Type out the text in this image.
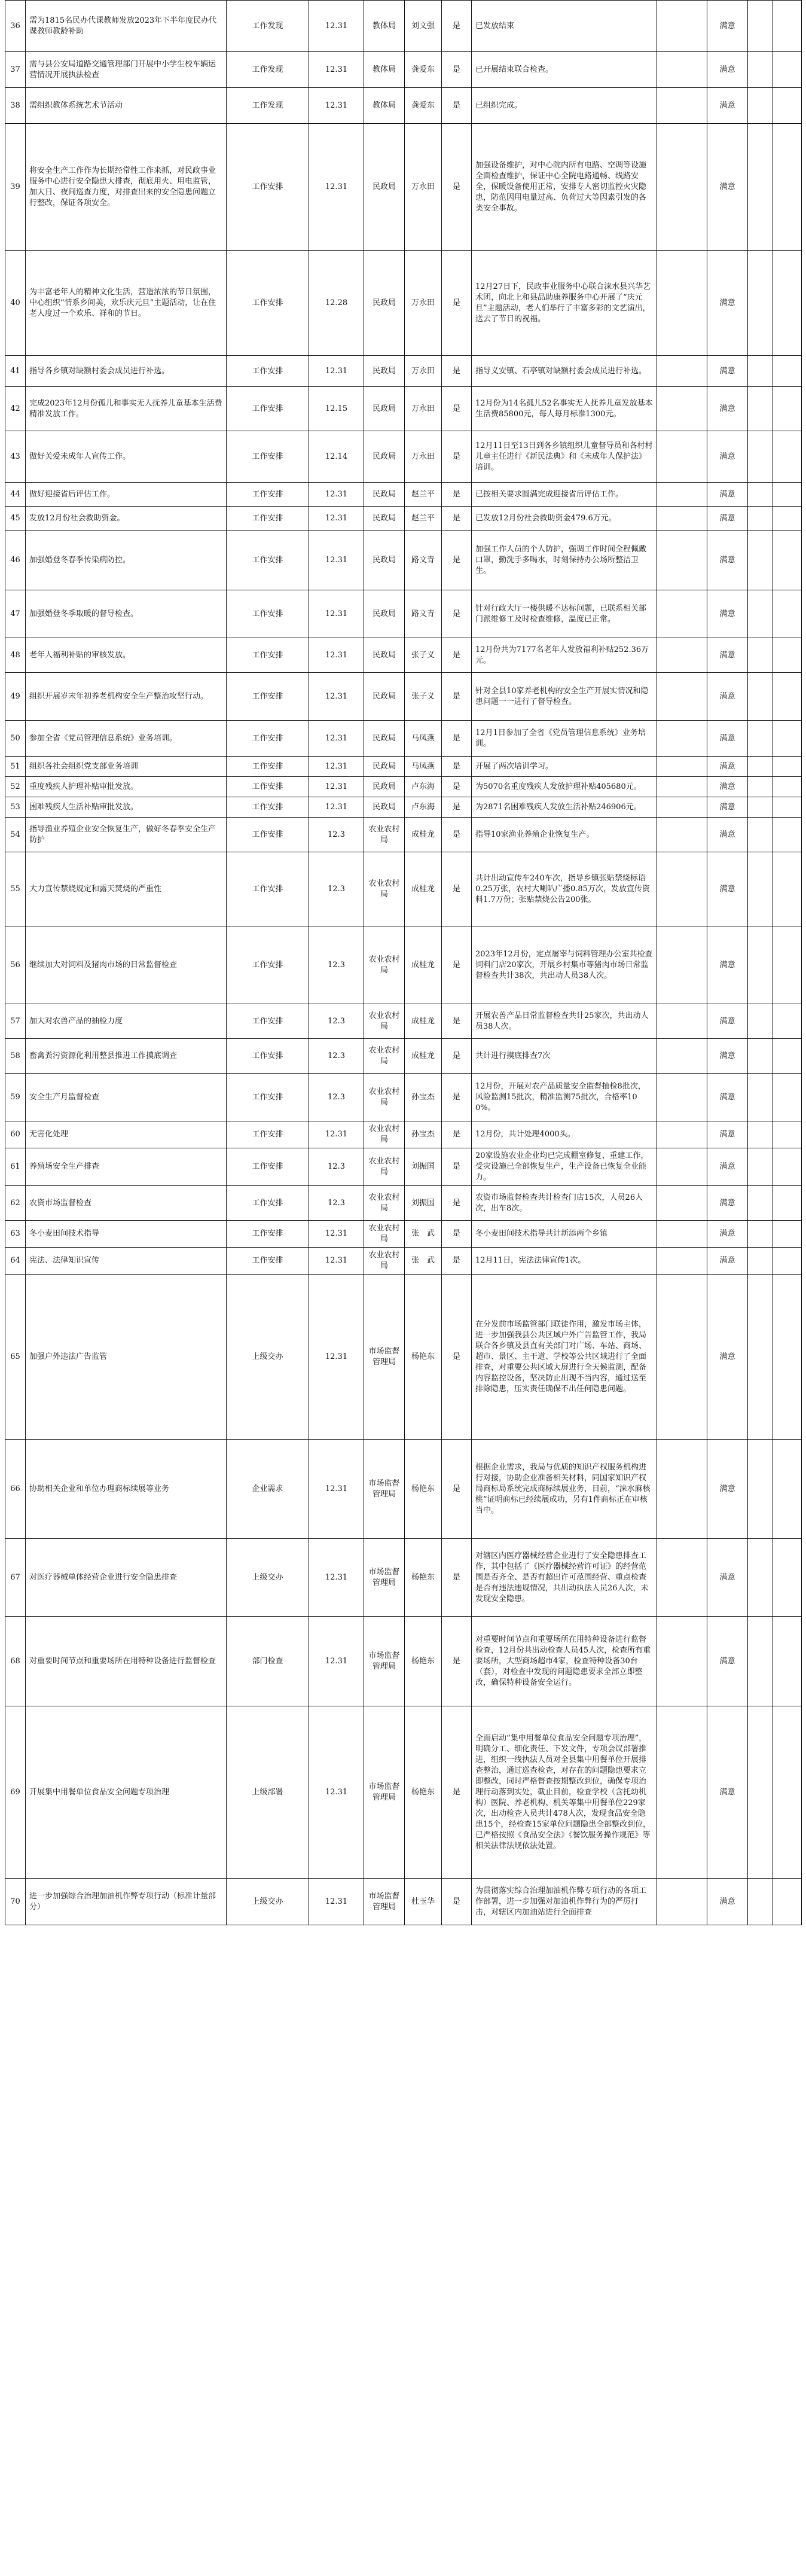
36	需为1815名民办代课教师发放2023年下半年度民办代课教师教龄补助	工作发现	12.31	教体局	刘文强	是	已发放结束		满意		
37	需与县公安局道路交通管理部门开展中小学生校车辆运营情况开展执法检查	工作发现	12.31	教体局	龚爱东	是	已开展结束联合检查。		满意		
38	需组织教体系统艺术节活动	工作发现	12.31	教体局	龚爱东	是	已组织完成。		满意		
39	将安全生产工作作为长期经常性工作来抓，对民政事业服务中心进行安全隐患大排查，彻底用火、用电监管，加大日、夜间巡查力度，对排查出来的安全隐患问题立行整改，保证各项安全。	工作安排	12.31	民政局	万永田	是	加强设备维护，对中心院内所有电路、空调等设施全面检查维护，保证中心全院电路通畅、线路安全，保暖设备使用正常，安排专人密切监控火灾隐患，防范因用电量过高、负荷过大等因素引发的各类安全事故。		满意		
40	为丰富老年人的精神文化生活，营造浓浓的节日氛围，中心组织“情系乡间美，欢乐庆元旦”主题活动，让在住老人度过一个欢乐、祥和的节日。	工作安排	12.28	民政局	万永田	是	12月27日下，民政事业服务中心联合涞水县兴华艺术团，向北上和县品助康养服务中心开展了“庆元旦”主题活动，老人们举行了丰富多彩的文艺演出，送去了节日的祝福。		满意		
41	指导各乡镇对缺额村委会成员进行补选。	工作安排	12.31	民政局	万永田	是	指导义安镇、石亭镇对缺额村委会成员进行补选。		满意		
42	完成2023年12月份孤儿和事实无人抚养儿童基本生活费精准发放工作。	工作安排	12.15	民政局	万永田	是	12月份为14名孤儿52名事实无人抚养儿童发放基本生活费85800元，每人每月标准1300元。		满意		
43	做好关爱未成年人宣传工作。	工作安排	12.14	民政局	万永田	是	12月11日至13日到各乡镇组织儿童督导员和各村村儿童主任进行《新民法典》和《未成年人保护法》培训。		满意		
44	做好迎接省后评估工作。	工作安排	12.31	民政局	赵兰平	是	已按相关要求圆满完成迎接省后评估工作。		满意		
45	发放12月份社会救助资金。	工作安排	12.31	民政局	赵兰平	是	已发放12月份社会救助资金479.6万元。		满意		
46	加强婚登冬春季传染病防控。	工作安排	12.31	民政局	路文青	是	加强工作人员的个人防护，强调工作时间全程佩戴口罩，勤洗手多喝水，时刻保持办公场所整洁卫生。		满意		
47	加强婚登冬季取暖的督导检查。	工作安排	12.31	民政局	路文青	是	针对行政大厅一楼供暖不达标问题，已联系相关部门派维修工及时检查维修，温度已正常。		满意		
48	老年人福利补贴的审核发放。	工作安排	12.31	民政局	张子义	是	12月份共为7177名老年人发放福利补贴252.36万元。		满意		
49	组织开展岁末年初养老机构安全生产整治攻坚行动。	工作安排	12.31	民政局	张子义	是	针对全县10家养老机构的安全生产开展实情况和隐患问题一一进行了督导检查。		满意		
50	参加全省《党员管理信息系统》业务培训。	工作安排	12.31	民政局	马凤燕	是	12月1日参加了全省《党员管理信息系统》业务培训。		满意		
51	组织各社会组织党支部业务培训	工作安排	12.31	民政局	马凤燕	是	开展了两次培训学习。		满意		
52	重度残疾人护理补贴审批发放。	工作安排	12.31	民政局	卢东海	是	为5070名重度残疾人发放护理补贴405680元。		满意		
53	困难残疾人生活补贴审批发放。	工作安排	12.31	民政局	卢东海	是	为2871名困难残疾人发放生活补贴246906元。		满意		
54	指导渔业养殖企业安全恢复生产，做好冬春季安全生产防护	工作安排	12.3	农业农村局	成桂龙	是	指导10家渔业养殖企业恢复生产。		满意		
55	大力宣传禁烧规定和露天焚烧的严重性	工作安排	12.3	农业农村局	成桂龙	是	共计出动宣传车240车次，指导乡镇张贴禁烧标语0.25万张，农村大喇叭广播0.85万次，发放宣传资料1.7万份；张贴禁烧公告200张。		满意		
56	继续加大对饲料及猪肉市场的日常监督检查	工作安排	12.3	农业农村局	成桂龙	是	2023年12月份，定点屠宰与饲料管理办公室共检查饲料门店20家次，开展乡村集市等猪肉市场日常监督检查共计38次，共出动人员38人次。		满意		
57	加大对农兽产品的抽检力度	工作安排	12.3	农业农村局	成桂龙	是	开展农兽产品日常监督检查共计25家次，共出动人员38人次。		满意		
58	畜禽粪污资源化利用整县推进工作摸底调查	工作安排	12.3	农业农村局	成桂龙	是	共计进行摸底排查7次		满意		
59	安全生产月监督检查	工作安排	12.3	农业农村局	孙宝杰	是	12月份，开展对农产品质量安全监督抽检8批次，风险监测15批次，精准监测75批次，合格率100%。		满意		
60	无害化处理	工作安排	12.31	农业农村局	孙宝杰	是	12月份，共计处理4000头。		满意		
61	养殖场安全生产排查	工作安排	12.3	农业农村局	刘振国	是	20家设施农业企业均已完成棚室修复、重建工作，受灾设施已全部恢复生产，生产设备已恢复全业能力。		满意		
62	农资市场监督检查	工作安排	12.3	农业农村局	刘振国	是	农资市场监督检查共计检查门店15次，人员26人次，出车8次。		满意		
63	冬小麦田间技术指导	工作安排	12.31	农业农村局	张　武	是	冬小麦田间技术指导共计新添两个乡镇		满意		
64	宪法、法律知识宣传	工作安排	12.31	农业农村局	张　武	是	12月11日，宪法法律宣传1次。		满意		
65	加强户外违法广告监管	上级交办	12.31	市场监督管理局	杨艳东	是	在分发前市场监管部门联徒作用，激发市场主体，进一步加强我县公共区域户外广告监管工作，我局联合各乡镇及县直有关部门对广场、车站、商场、超市、景区、主干道、学校等公共区域进行了全面排查，对重要公共区域大屏进行全天候监测，配备内容监控设备，坚决防止出现不当内容，通过送至排除隐患，压实责任确保不出任何隐患问题。		满意		
66	协助相关企业和单位办理商标续展等业务	企业需求	12.31	市场监督管理局	杨艳东	是	根据企业需求，我局与优质的知识产权服务机构进行对接，协助企业准备相关材料，同国家知识产权局商标局系统完成商标续展业务，目前，“涞水麻核桃”证明商标已经续展成功，另有1件商标正在审核当中。		满意		
67	对医疗器械单体经营企业进行安全隐患排查	上级交办	12.31	市场监督管理局	杨艳东	是	对辖区内医疗器械经营企业进行了安全隐患排查工作，其中包括了《医疗器械经营许可证》的经营范围是否齐全、是否有超出许可范围经营、重点检查是否有违法违规情况，共出动执法人员26人次，未发现安全隐患。		满意		
68	对重要时间节点和重要场所在用特种设备进行监督检查	部门检查	12.31	市场监督管理局	杨艳东	是	对重要时间节点和重要场所在用特种设备进行监督检查，12月份共出动检查人员45人次，检查所有重要场所，大型商场超市4家，检查特种设备30台（套），对检查中发现的问题隐患要求全部立即整改，确保特种设备安全运行。		满意		
69	开展集中用餐单位食品安全问题专项治理	上级部署	12.31	市场监督管理局	杨艳东	是	全面启动“集中用餐单位食品安全问题专项治理”，明确分工、细化责任、下发文件，专项会议部署推进，组织一线执法人员对全县集中用餐单位开展排查整治，通过巡查检查，对存在的问题隐患要求立即整改，同时严格督查按期整改到位，确保专项治理行动落到实处，截止目前，检查学校（含托幼机构）医院、养老机构、机关等集中用餐单位229家次，出动检查人员共计478人次，发现食品安全隐患15个，经检查15家单位问题隐患全部整改到位，已严格按照《食品安全法》《餐饮服务操作规范》等相关法律法规依法处置。		满意		
70	进一步加强综合治理加油机作弊专项行动（标准计量部分）	上级交办	12.31	市场监督管理局	杜玉华	是	为贯彻落实综合治理加油机作弊专项行动的各项工作部署，进一步加强对加油机作弊行为的严厉打击，对辖区内加油站进行全面排查		满意		
